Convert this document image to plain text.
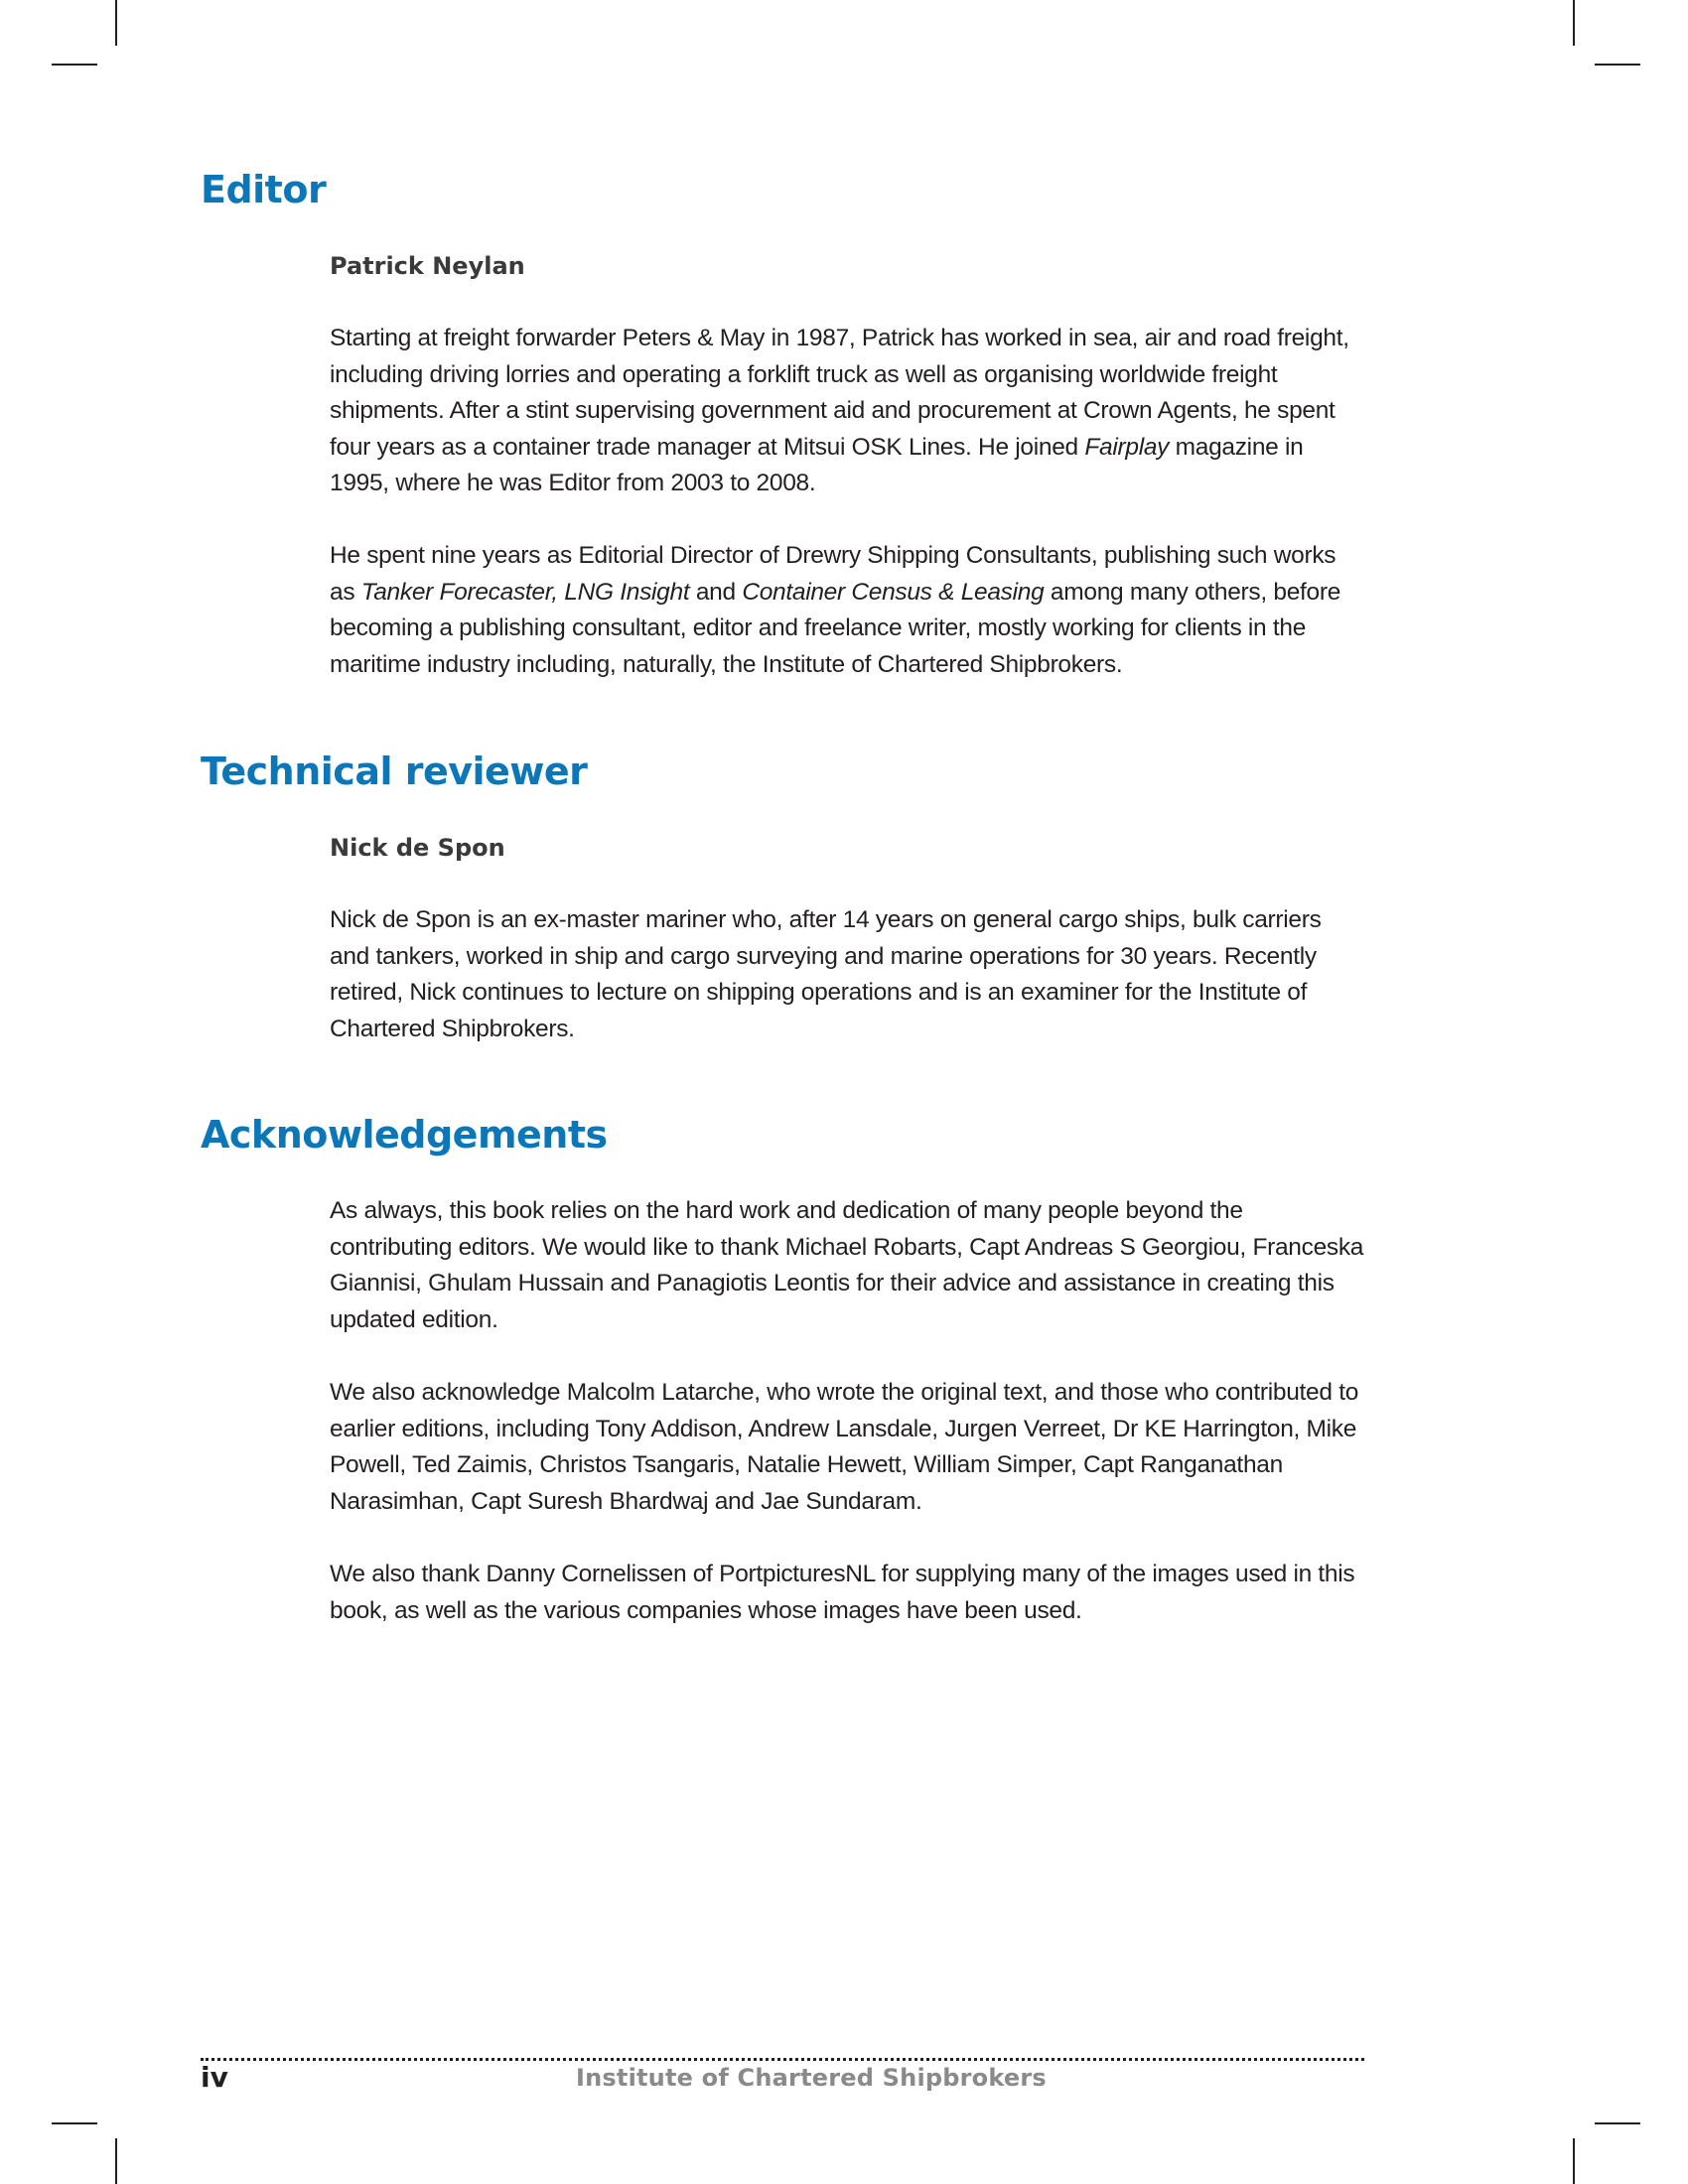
Editor

Patrick Neylan

Starting at freight forwarder Peters & May in 1987, Patrick has worked in sea, air and road freight, including driving lorries and operating a forklift truck as well as organising worldwide freight shipments. After a stint supervising government aid and procurement at Crown Agents, he spent four years as a container trade manager at Mitsui OSK Lines. He joined Fairplay magazine in 1995, where he was Editor from 2003 to 2008.

He spent nine years as Editorial Director of Drewry Shipping Consultants, publishing such works as Tanker Forecaster, LNG Insight and Container Census & Leasing among many others, before becoming a publishing consultant, editor and freelance writer, mostly working for clients in the maritime industry including, naturally, the Institute of Chartered Shipbrokers.

Technical reviewer

Nick de Spon

Nick de Spon is an ex-master mariner who, after 14 years on general cargo ships, bulk carriers and tankers, worked in ship and cargo surveying and marine operations for 30 years. Recently retired, Nick continues to lecture on shipping operations and is an examiner for the Institute of Chartered Shipbrokers.

Acknowledgements

As always, this book relies on the hard work and dedication of many people beyond the contributing editors. We would like to thank Michael Robarts, Capt Andreas S Georgiou, Franceska Giannisi, Ghulam Hussain and Panagiotis Leontis for their advice and assistance in creating this updated edition.

We also acknowledge Malcolm Latarche, who wrote the original text, and those who contributed to earlier editions, including Tony Addison, Andrew Lansdale, Jurgen Verreet, Dr KE Harrington, Mike Powell, Ted Zaimis, Christos Tsangaris, Natalie Hewett, William Simper, Capt Ranganathan Narasimhan, Capt Suresh Bhardwaj and Jae Sundaram.

We also thank Danny Cornelissen of PortpicturesNL for supplying many of the images used in this book, as well as the various companies whose images have been used.

iv	Institute of Chartered Shipbrokers
